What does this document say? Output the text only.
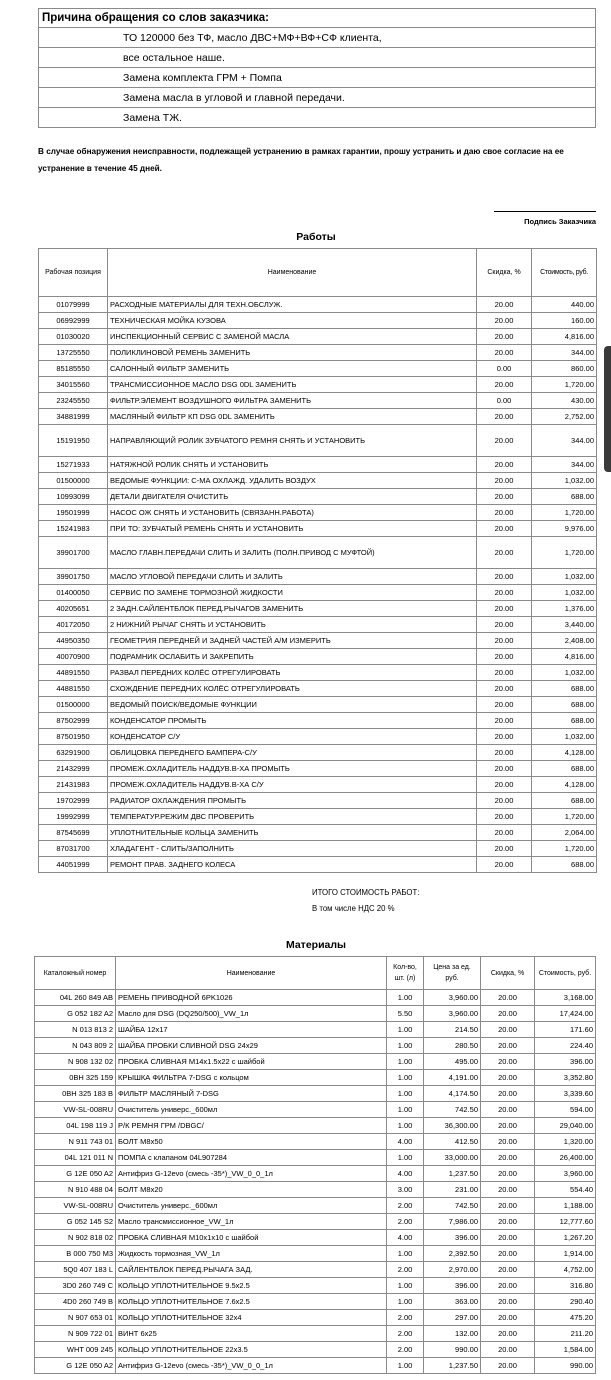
Причина обращения со слов заказчика:
ТО 120000 без ТФ, масло ДВС+МФ+ВФ+СФ клиента,
все остальное наше.
Замена комплекта ГРМ + Помпа
Замена масла в угловой и главной передачи.
Замена ТЖ.
В случае обнаружения неисправности, подлежащей устранению в рамках гарантии, прошу устранить и даю свое согласие на ее устранение в течение 45 дней.
Подпись Заказчика
Работы
Рабочая позиция	Наименование	Скидка, %	Стоимость, руб.
01079999	РАСХОДНЫЕ МАТЕРИАЛЫ ДЛЯ ТЕХН.ОБСЛУЖ.	20.00	440.00
06992999	ТЕХНИЧЕСКАЯ МОЙКА КУЗОВА	20.00	160.00
01030020	ИНСПЕКЦИОННЫЙ СЕРВИС С ЗАМЕНОЙ МАСЛА	20.00	4,816.00
13725550	ПОЛИКЛИНОВОЙ РЕМЕНЬ ЗАМЕНИТЬ	20.00	344.00
85185550	САЛОННЫЙ ФИЛЬТР ЗАМЕНИТЬ	0.00	860.00
34015560	ТРАНСМИССИОННОЕ МАСЛО DSG 0DL ЗАМЕНИТЬ	20.00	1,720.00
23245550	ФИЛЬТР.ЭЛЕМЕНТ ВОЗДУШНОГО ФИЛЬТРА ЗАМЕНИТЬ	0.00	430.00
34881999	МАСЛЯНЫЙ ФИЛЬТР КП DSG 0DL ЗАМЕНИТЬ	20.00	2,752.00
15191950	НАПРАВЛЯЮЩИЙ РОЛИК ЗУБЧАТОГО РЕМНЯ СНЯТЬ И УСТАНОВИТЬ	20.00	344.00
15271933	НАТЯЖНОЙ РОЛИК СНЯТЬ И УСТАНОВИТЬ	20.00	344.00
01500000	ВЕДОМЫЕ ФУНКЦИИ: С-МА ОХЛАЖД. УДАЛИТЬ ВОЗДУХ	20.00	1,032.00
10993099	ДЕТАЛИ ДВИГАТЕЛЯ ОЧИСТИТЬ	20.00	688.00
19501999	НАСОС ОЖ СНЯТЬ И УСТАНОВИТЬ (СВЯЗАНН.РАБОТА)	20.00	1,720.00
15241983	ПРИ ТО: ЗУБЧАТЫЙ РЕМЕНЬ СНЯТЬ И УСТАНОВИТЬ	20.00	9,976.00
39901700	МАСЛО ГЛАВН.ПЕРЕДАЧИ СЛИТЬ И ЗАЛИТЬ (ПОЛН.ПРИВОД С МУФТОЙ)	20.00	1,720.00
39901750	МАСЛО УГЛОВОЙ ПЕРЕДАЧИ СЛИТЬ И ЗАЛИТЬ	20.00	1,032.00
01400050	СЕРВИС ПО ЗАМЕНЕ ТОРМОЗНОЙ ЖИДКОСТИ	20.00	1,032.00
40205651	2 ЗАДН.САЙЛЕНТБЛОК ПЕРЕД.РЫЧАГОВ ЗАМЕНИТЬ	20.00	1,376.00
40172050	2 НИЖНИЙ РЫЧАГ СНЯТЬ И УСТАНОВИТЬ	20.00	3,440.00
44950350	ГЕОМЕТРИЯ ПЕРЕДНЕЙ И ЗАДНЕЙ ЧАСТЕЙ А/М ИЗМЕРИТЬ	20.00	2,408.00
40070900	ПОДРАМНИК ОСЛАБИТЬ И ЗАКРЕПИТЬ	20.00	4,816.00
44891550	РАЗВАЛ ПЕРЕДНИХ КОЛЁС ОТРЕГУЛИРОВАТЬ	20.00	1,032.00
44881550	СХОЖДЕНИЕ ПЕРЕДНИХ КОЛЁС ОТРЕГУЛИРОВАТЬ	20.00	688.00
01500000	ВЕДОМЫЙ ПОИСК/ВЕДОМЫЕ ФУНКЦИИ	20.00	688.00
87502999	КОНДЕНСАТОР ПРОМЫТЬ	20.00	688.00
87501950	КОНДЕНСАТОР С/У	20.00	1,032.00
63291900	ОБЛИЦОВКА ПЕРЕДНЕГО БАМПЕРА-С/У	20.00	4,128.00
21432999	ПРОМЕЖ.ОХЛАДИТЕЛЬ НАДДУВ.В-ХА ПРОМЫТЬ	20.00	688.00
21431983	ПРОМЕЖ.ОХЛАДИТЕЛЬ НАДДУВ.В-ХА С/У	20.00	4,128.00
19702999	РАДИАТОР ОХЛАЖДЕНИЯ ПРОМЫТЬ	20.00	688.00
19992999	ТЕМПЕРАТУР.РЕЖИМ ДВС ПРОВЕРИТЬ	20.00	1,720.00
87545699	УПЛОТНИТЕЛЬНЫЕ КОЛЬЦА ЗАМЕНИТЬ	20.00	2,064.00
87031700	ХЛАДАГЕНТ - СЛИТЬ/ЗАПОЛНИТЬ	20.00	1,720.00
44051999	РЕМОНТ ПРАВ. ЗАДНЕГО КОЛЕСА	20.00	688.00
ИТОГО СТОИМОСТЬ РАБОТ:
В том числе НДС 20 %
Материалы
Каталожный номер	Наименование	Кол-во, шт. (л)	Цена за ед. руб.	Скидка, %	Стоимость, руб.
04L 260 849 AB	РЕМЕНЬ ПРИВОДНОЙ 6PK1026	1.00	3,960.00	20.00	3,168.00
G 052 182 A2	Масло для DSG (DQ250/500)_VW_1л	5.50	3,960.00	20.00	17,424.00
N 013 813 2	ШАЙБА 12x17	1.00	214.50	20.00	171.60
N 043 809 2	ШАЙБА ПРОБКИ СЛИВНОЙ DSG 24x29	1.00	280.50	20.00	224.40
N 908 132 02	ПРОБКА СЛИВНАЯ M14x1.5x22 с шайбой	1.00	495.00	20.00	396.00
0BH 325 159	КРЫШКА ФИЛЬТРА 7-DSG с кольцом	1.00	4,191.00	20.00	3,352.80
0BH 325 183 B	ФИЛЬТР МАСЛЯНЫЙ 7-DSG	1.00	4,174.50	20.00	3,339.60
VW-SL-008RU	Очиститель универс._600мл	1.00	742.50	20.00	594.00
04L 198 119 J	Р/К РЕМНЯ ГРМ /DBGC/	1.00	36,300.00	20.00	29,040.00
N 911 743 01	БОЛТ M8x50	4.00	412.50	20.00	1,320.00
04L 121 011 N	ПОМПА с клапаном 04L907284	1.00	33,000.00	20.00	26,400.00
G 12E 050 A2	Антифриз G-12evo (смесь -35*)_VW_0_0_1л	4.00	1,237.50	20.00	3,960.00
N 910 488 04	БОЛТ M8x20	3.00	231.00	20.00	554.40
VW-SL-008RU	Очиститель универс._600мл	2.00	742.50	20.00	1,188.00
G 052 145 S2	Масло трансмиссионное_VW_1л	2.00	7,986.00	20.00	12,777.60
N 902 818 02	ПРОБКА СЛИВНАЯ M10x1x10 с шайбой	4.00	396.00	20.00	1,267.20
B 000 750 M3	Жидкость тормозная_VW_1л	1.00	2,392.50	20.00	1,914.00
5Q0 407 183 L	САЙЛЕНТБЛОК ПЕРЕД.РЫЧАГА ЗАД.	2.00	2,970.00	20.00	4,752.00
3D0 260 749 C	КОЛЬЦО УПЛОТНИТЕЛЬНОЕ 9.5x2.5	1.00	396.00	20.00	316.80
4D0 260 749 B	КОЛЬЦО УПЛОТНИТЕЛЬНОЕ 7.6x2.5	1.00	363.00	20.00	290.40
N 907 653 01	КОЛЬЦО УПЛОТНИТЕЛЬНОЕ 32x4	2.00	297.00	20.00	475.20
N 909 722 01	ВИНТ 6x25	2.00	132.00	20.00	211.20
WHT 009 245	КОЛЬЦО УПЛОТНИТЕЛЬНОЕ 22x3.5	2.00	990.00	20.00	1,584.00
G 12E 050 A2	Антифриз G-12evo (смесь -35*)_VW_0_0_1л	1.00	1,237.50	20.00	990.00
